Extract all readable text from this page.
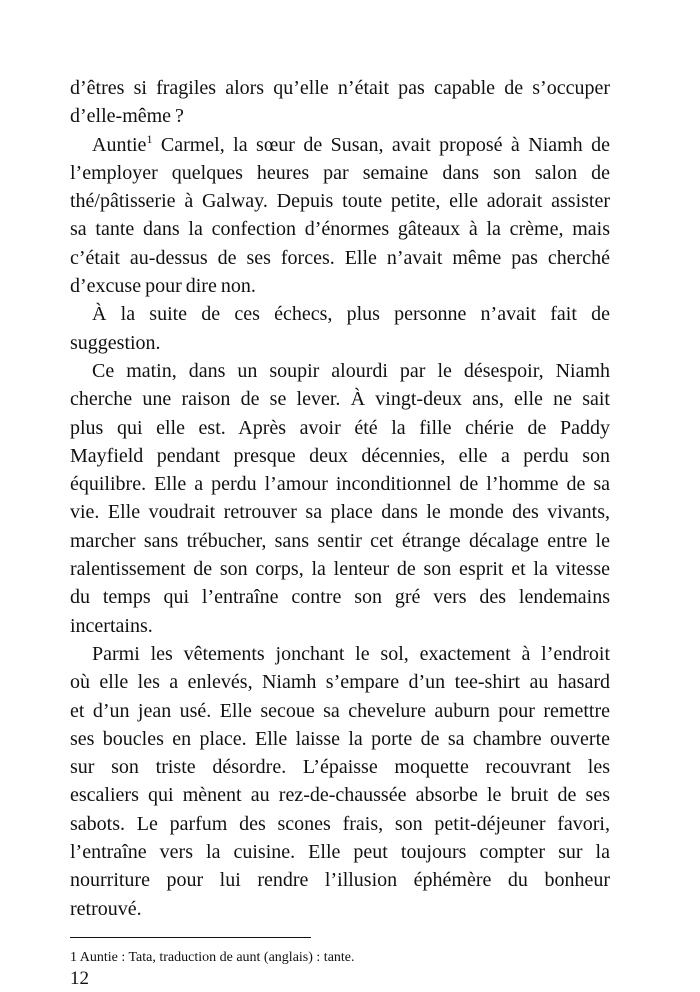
d’êtres si fragiles alors qu’elle n’était pas capable de s’occuper
d’elle-même ?
Auntie$^1$ Carmel, la sœur de Susan, avait proposé à Niamh de
l’employer quelques heures par semaine dans son salon de
thé/pâtisserie à Galway. Depuis toute petite, elle adorait assister
sa tante dans la confection d’énormes gâteaux à la crème, mais
c’était au-dessus de ses forces. Elle n’avait même pas cherché
d’excuse pour dire non.
À la suite de ces échecs, plus personne n’avait fait de
suggestion.
Ce matin, dans un soupir alourdi par le désespoir, Niamh
cherche une raison de se lever. À vingt-deux ans, elle ne sait
plus qui elle est. Après avoir été la fille chérie de Paddy
Mayfield pendant presque deux décennies, elle a perdu son
équilibre. Elle a perdu l’amour inconditionnel de l’homme de sa
vie. Elle voudrait retrouver sa place dans le monde des vivants,
marcher sans trébucher, sans sentir cet étrange décalage entre le
ralentissement de son corps, la lenteur de son esprit et la vitesse
du temps qui l’entraîne contre son gré vers des lendemains
incertains.
Parmi les vêtements jonchant le sol, exactement à l’endroit
où elle les a enlevés, Niamh s’empare d’un tee-shirt au hasard
et d’un jean usé. Elle secoue sa chevelure auburn pour remettre
ses boucles en place. Elle laisse la porte de sa chambre ouverte
sur son triste désordre. L’épaisse moquette recouvrant les
escaliers qui mènent au rez-de-chaussée absorbe le bruit de ses
sabots. Le parfum des scones frais, son petit-déjeuner favori,
l’entraîne vers la cuisine. Elle peut toujours compter sur la
nourriture pour lui rendre l’illusion éphémère du bonheur
retrouvé.
1 Auntie : Tata, traduction de aunt (anglais) : tante.
12
